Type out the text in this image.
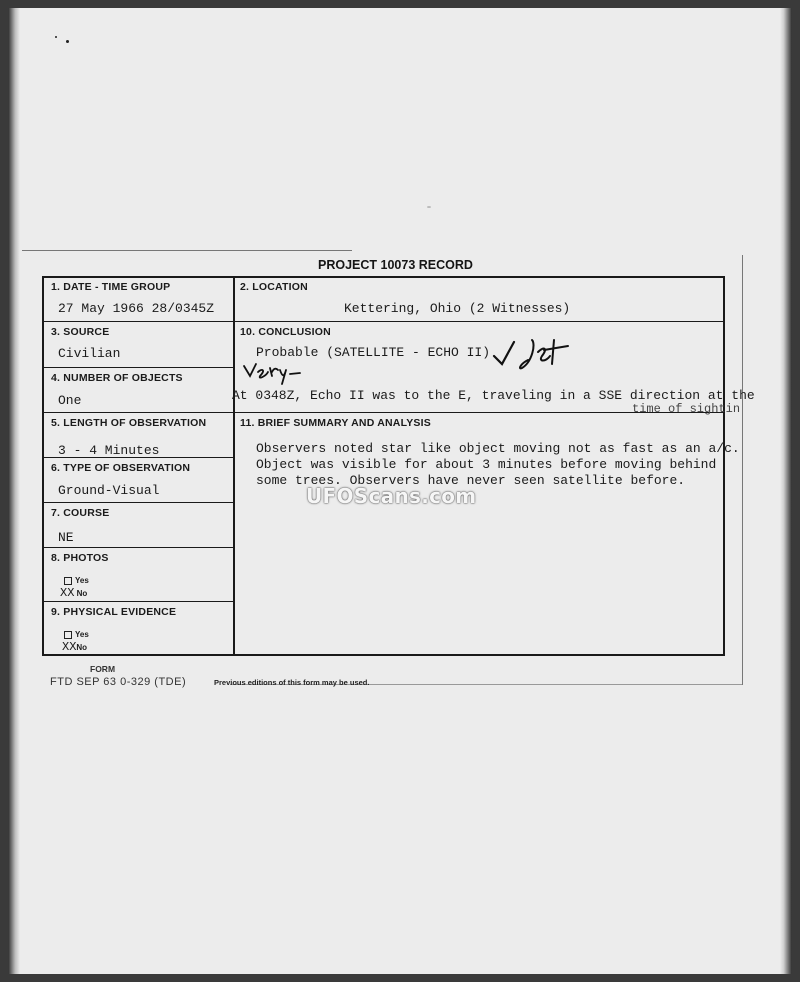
PROJECT 10073 RECORD
1. DATE - TIME GROUP
27 May 1966 28/0345Z
2. LOCATION
Kettering, Ohio (2 Witnesses)
3. SOURCE
Civilian
10. CONCLUSION
Probable (SATELLITE - ECHO II)
At 0348Z, Echo II was to the E, traveling in a SSE direction at the
time of sightin
4. NUMBER OF OBJECTS
One
5. LENGTH OF OBSERVATION
3 - 4 Minutes
11. BRIEF SUMMARY AND ANALYSIS
Observers noted star like object moving not as fast as an a/c.
Object was visible for about 3 minutes before moving behind
some trees. Observers have never seen satellite before.
6. TYPE OF OBSERVATION
Ground-Visual
7. COURSE
NE
8. PHOTOS
Yes
XX No
9. PHYSICAL EVIDENCE
Yes
XXNo
UFOScans.com
FORM
FTD SEP 63 0-329 (TDE)	Previous editions of this form may be used.
